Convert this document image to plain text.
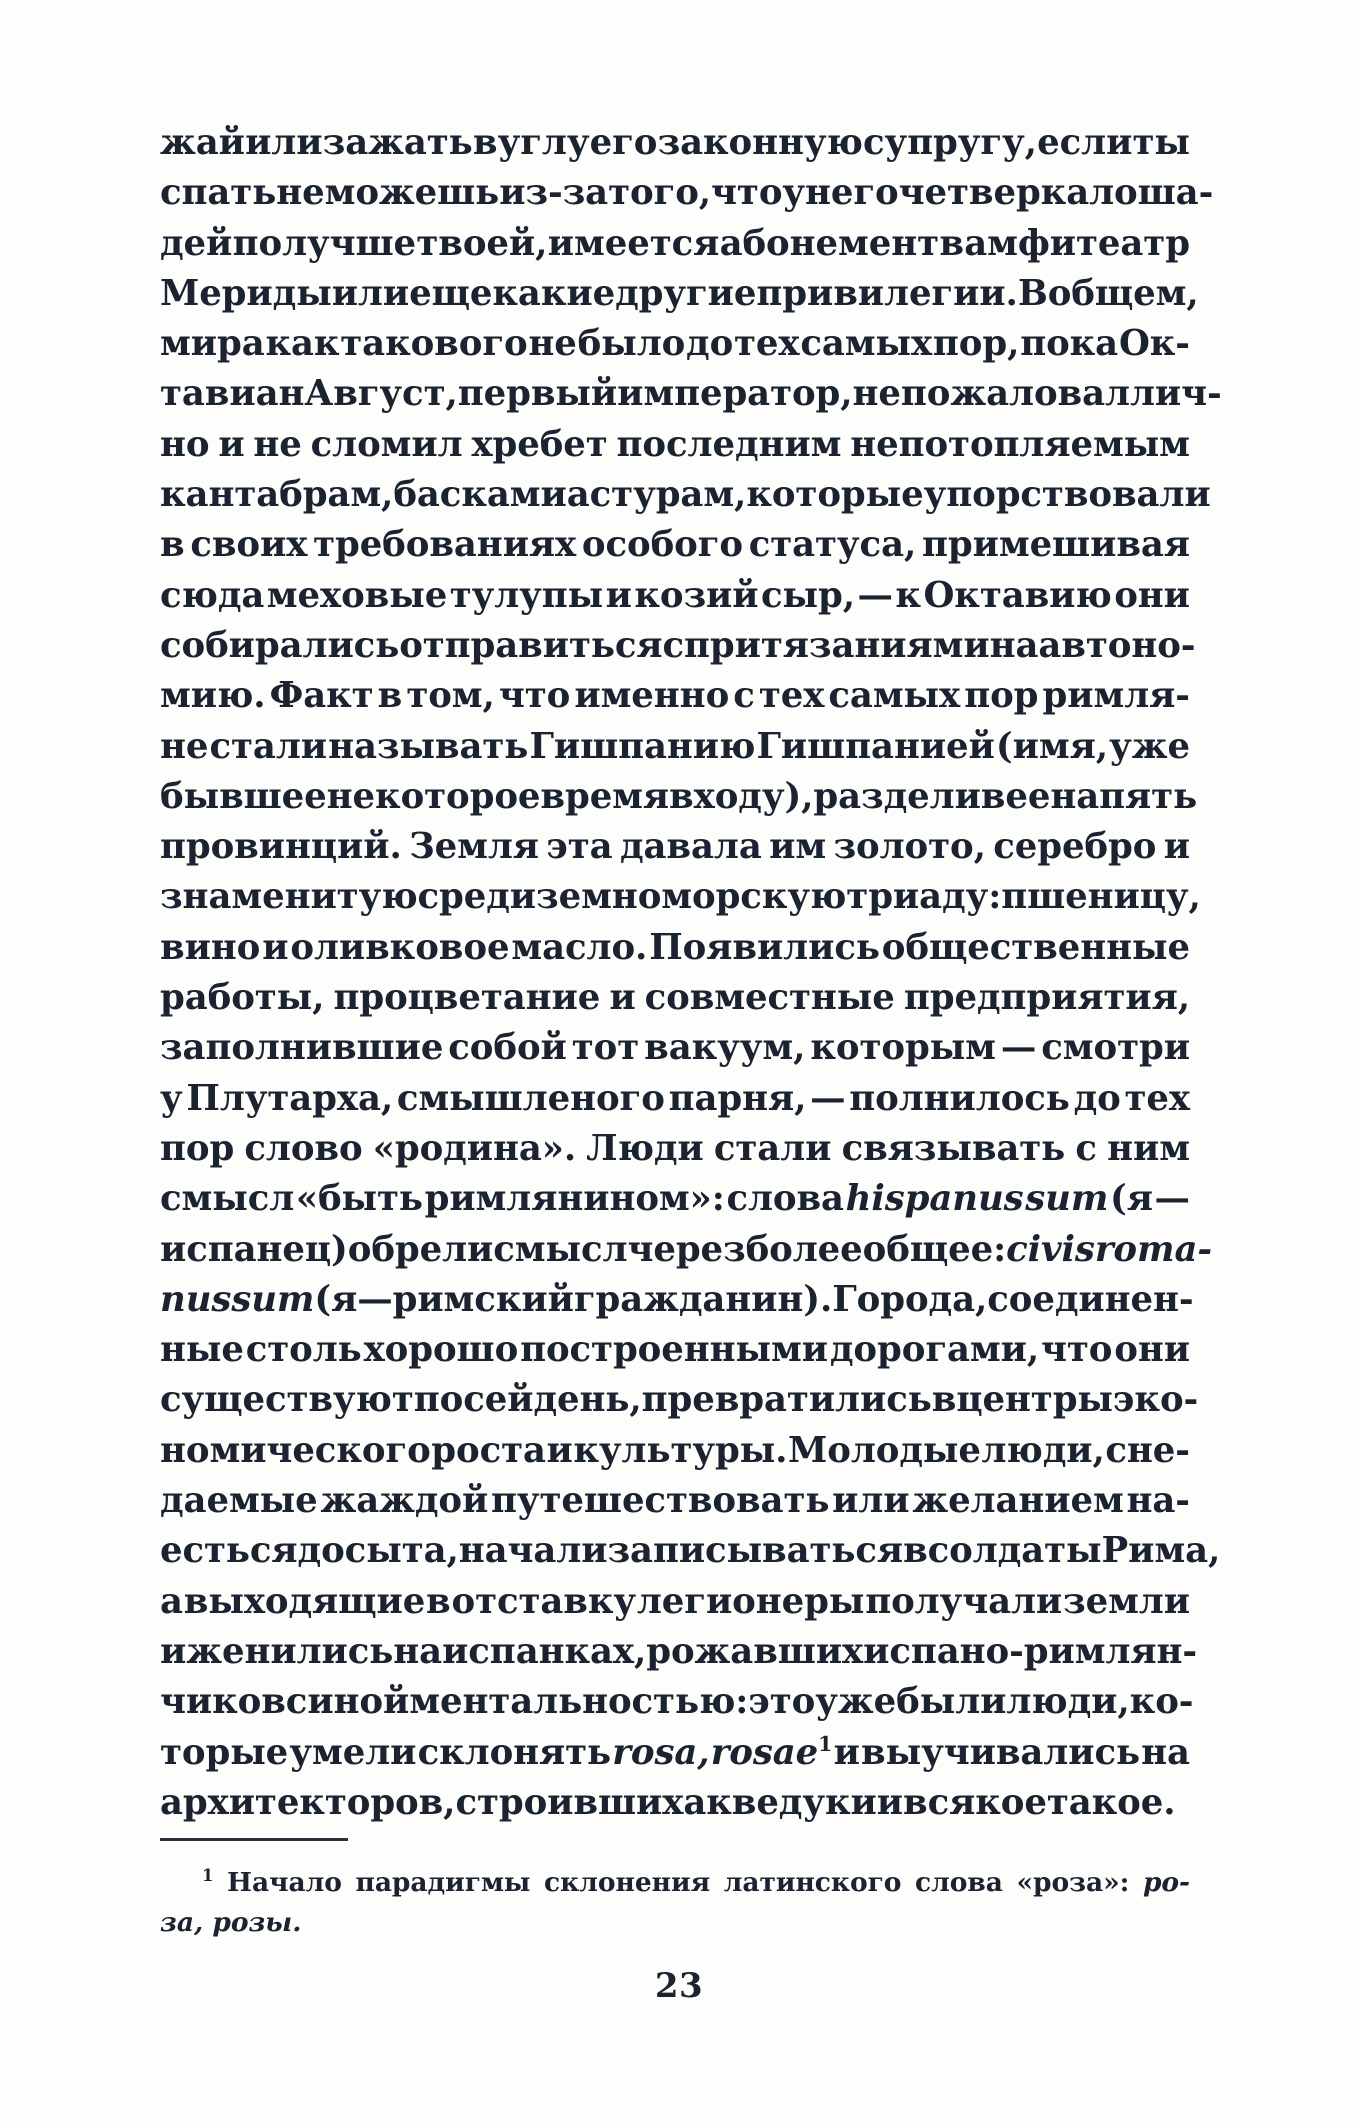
жай или зажать в углу его законную супругу, если ты
спать не можешь из-за того, что у него четверка лоша-
дей получше твоей, имеется абонемент в амфитеатр
Мериды или еще какие другие привилегии. В общем,
мира как такового не было до тех самых пор, пока Ок-
тавиан Август, первый император, не пожаловал лич-
но и не сломил хребет последним непотопляемым
кантабрам, баскам и астурам, которые упорствовали
в своих требованиях особого статуса, примешивая
сюда меховые тулупы и козий сыр, — к Октавию они
собирались отправиться с притязаниями на автоно-
мию. Факт в том, что именно с тех самых пор римля-
не стали называть Гишпанию Гишпанией (имя, уже
бывшее некоторое время в ходу), разделив ее на пять
провинций. Земля эта давала им золото, серебро и
знаменитую средиземноморскую триаду: пшеницу,
вино и оливковое масло. Появились общественные
работы, процветание и совместные предприятия,
заполнившие собой тот вакуум, которым — смотри
у Плутарха, смышленого парня, — полнилось до тех
пор слово «родина». Люди стали связывать с ним
смысл «быть римлянином»: слова hispanus sum (я —
испанец) обрели смысл через более общее: civis roma-
nus sum (я — римский гражданин). Города, соединен-
ные столь хорошо построенными дорогами, что они
существуют по сей день, превратились в центры эко-
номического роста и культуры. Молодые люди, сне-
даемые жаждой путешествовать или желанием на-
есться досыта, начали записываться в солдаты Рима,
а выходящие в отставку легионеры получали земли
и женились на испанках, рожавших испано-римлян-
чиков с иной ментальностью: это уже были люди, ко-
торые умели склонять rosa, rosae$^1$ и выучивались на
архитекторов, строивших акведуки и всякое такое.

$^1$ Начало парадигмы склонения латинского слова «роза»: ро-за, розы.

23
